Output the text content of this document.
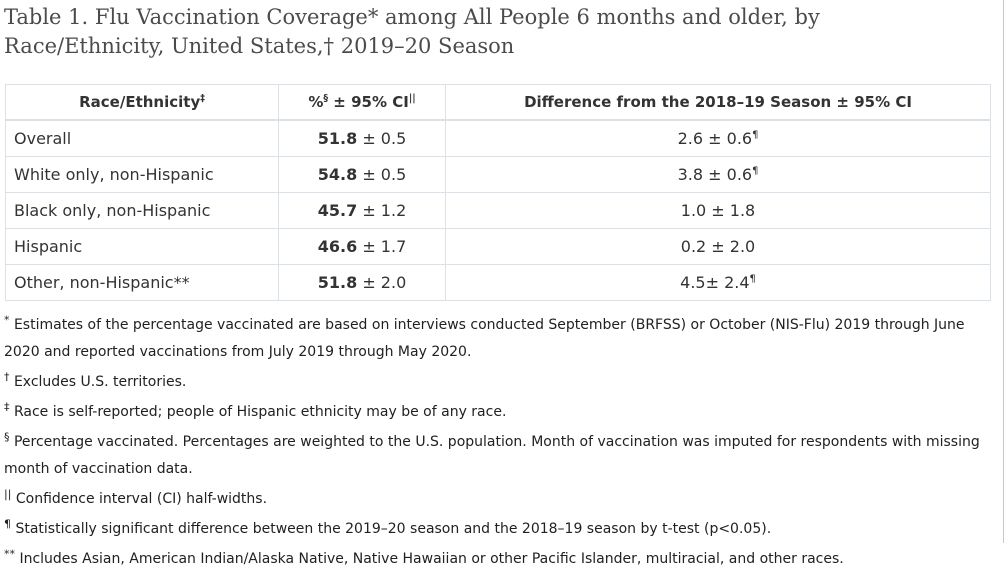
Table 1. Flu Vaccination Coverage* among All People 6 months and older, by
Race/Ethnicity, United States,† 2019–20 Season
Race/Ethnicity‡	%§ ± 95% CI||	Difference from the 2018–19 Season ± 95% CI
Overall	51.8 ± 0.5	2.6 ± 0.6¶
White only, non-Hispanic	54.8 ± 0.5	3.8 ± 0.6¶
Black only, non-Hispanic	45.7 ± 1.2	1.0 ± 1.8
Hispanic	46.6 ± 1.7	0.2 ± 2.0
Other, non-Hispanic**	51.8 ± 2.0	4.5± 2.4¶

* Estimates of the percentage vaccinated are based on interviews conducted September (BRFSS) or October (NIS-Flu) 2019 through June 2020 and reported vaccinations from July 2019 through May 2020.

† Excludes U.S. territories.

‡ Race is self-reported; people of Hispanic ethnicity may be of any race.

§ Percentage vaccinated. Percentages are weighted to the U.S. population. Month of vaccination was imputed for respondents with missing month of vaccination data.

|| Confidence interval (CI) half-widths.

¶ Statistically significant difference between the 2019–20 season and the 2018–19 season by t-test (p<0.05).

** Includes Asian, American Indian/Alaska Native, Native Hawaiian or other Pacific Islander, multiracial, and other races.
